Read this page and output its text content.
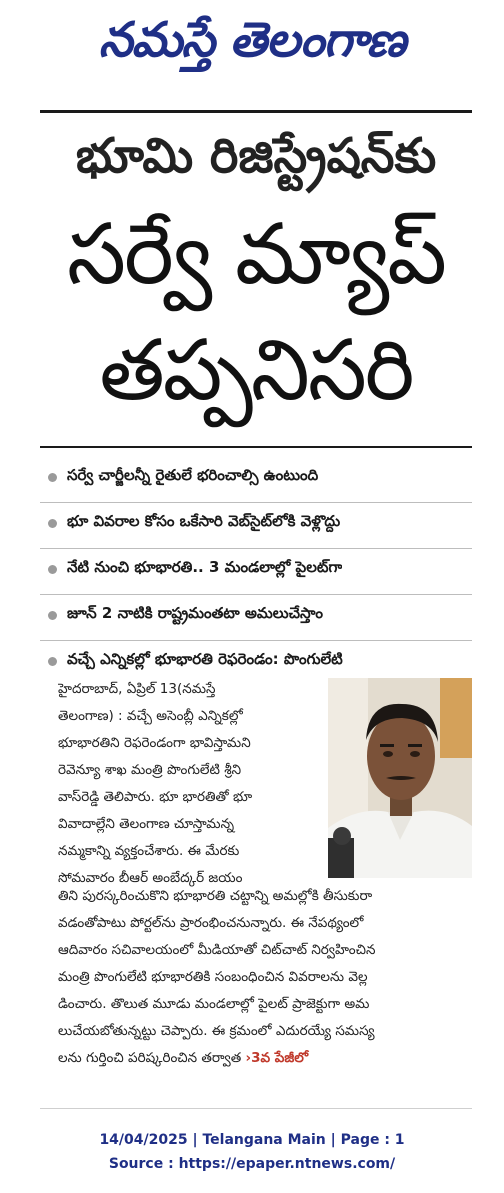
నమస్తే తెలంగాణ
భూమి రిజిస్ట్రేషన్‌కు
సర్వే మ్యాప్
తప్పనిసరి
సర్వే చార్జీలన్నీ రైతులే భరించాల్సి ఉంటుంది
భూ వివరాల కోసం ఒకేసారి వెబ్‌సైట్‌లోకి వెళ్లొద్దు
నేటి నుంచి భూభారతి.. 3 మండలాల్లో పైలట్‌గా
జూన్ 2 నాటికి రాష్ట్రమంతటా అమలుచేస్తాం
వచ్చే ఎన్నికల్లో భూభారతి రెఫరెండం: పొంగులేటి

హైదరాబాద్, ఏప్రిల్ 13(నమస్తే

తెలంగాణ) : వచ్చే అసెంబ్లీ ఎన్నికల్లో

భూభారతిని రెఫరెండంగా భావిస్తామని

రెవెన్యూ శాఖ మంత్రి పొంగులేటి శ్రీని

వాస్‌రెడ్డి తెలిపారు. భూ భారతితో భూ

వివాదాల్లేని తెలంగాణ చూస్తామన్న

నమ్మకాన్ని వ్యక్తంచేశారు. ఈ మేరకు

సోమవారం బీఆర్ అంబేద్కర్ జయం

తిని పురస్కరించుకొని భూభారతి చట్టాన్ని అమల్లోకి తీసుకురా

వడంతోపాటు పోర్టల్‌ను ప్రారంభించనున్నారు. ఈ నేపథ్యంలో

ఆదివారం సచివాలయంలో మీడియాతో చిట్‌చాట్ నిర్వహించిన

మంత్రి పొంగులేటి భూభారతికి సంబంధించిన వివరాలను వెల్ల

డించారు. తొలుత మూడు మండలాల్లో పైలట్ ప్రాజెక్టుగా అమ

లుచేయబోతున్నట్టు చెప్పారు. ఈ క్రమంలో ఎదురయ్యే సమస్య

లను గుర్తించి పరిష్కరించిన తర్వాత ›3వ పేజీలో

14/04/2025 | Telangana Main | Page : 1
Source : https://epaper.ntnews.com/
